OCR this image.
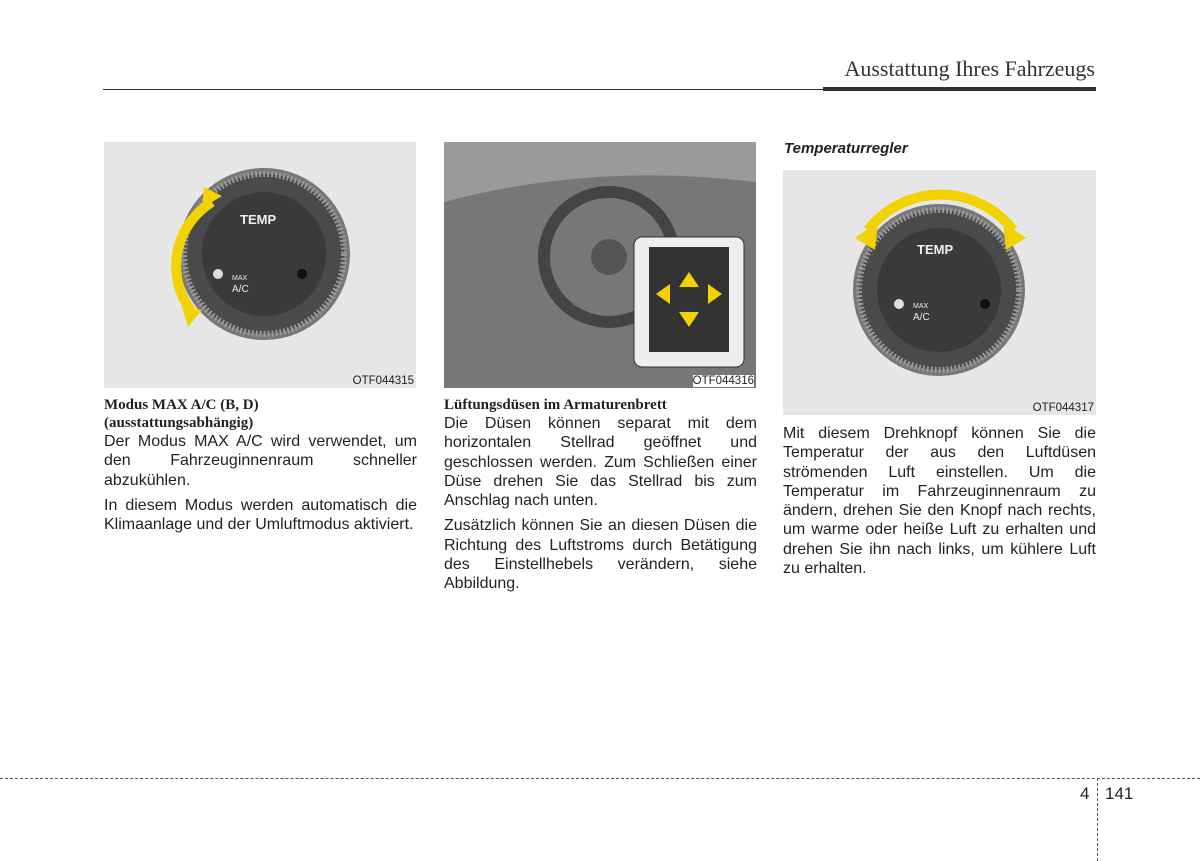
Ausstattung Ihres Fahrzeugs
TEMP
MAX
A/C
OTF044315	OTF044316
Temperaturregler
TEMP
MAX
A/C
OTF044317
Modus MAX A/C (B, D)
(ausstattungsabhängig)

Der Modus MAX A/C wird verwendet, um den Fahrzeuginnenraum schneller abzukühlen.

In diesem Modus werden automatisch die Klimaanlage und der Umluftmodus aktiviert.

Lüftungsdüsen im Armaturenbrett

Die Düsen können separat mit dem horizontalen Stellrad geöffnet und geschlossen werden. Zum Schließen einer Düse drehen Sie das Stellrad bis zum Anschlag nach unten.

Zusätzlich können Sie an diesen Düsen die Richtung des Luftstroms durch Betätigung des Einstellhebels verändern, siehe Abbildung.

Mit diesem Drehknopf können Sie die Temperatur der aus den Luftdüsen strömenden Luft einstellen. Um die Temperatur im Fahrzeuginnenraum zu ändern, drehen Sie den Knopf nach rechts, um warme oder heiße Luft zu erhalten und drehen Sie ihn nach links, um kühlere Luft zu erhalten.

4 141
